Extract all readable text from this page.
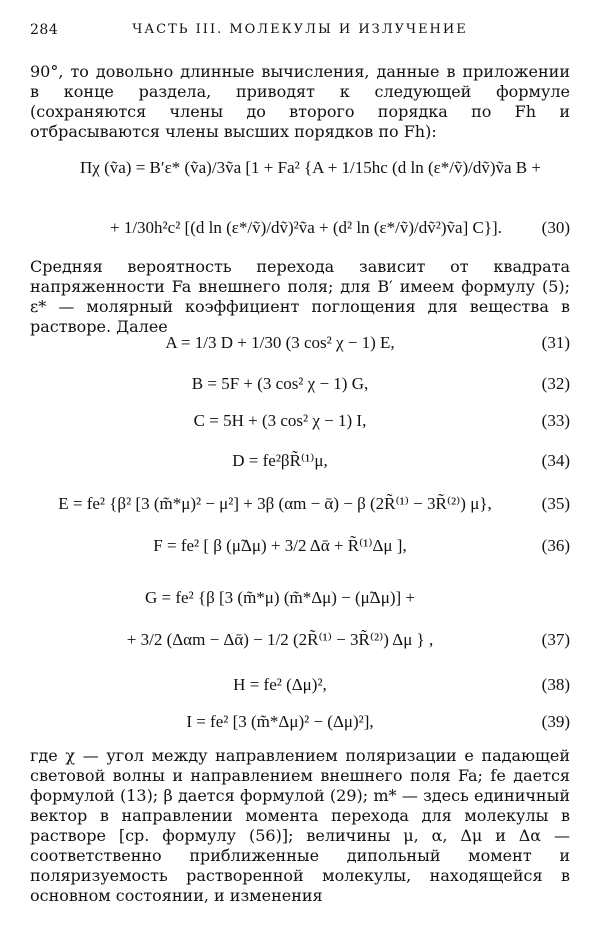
284	ЧАСТЬ III. МОЛЕКУЛЫ И ИЗЛУЧЕНИЕ
90°, то довольно длинные вычисления, данные в приложении в конце раздела, приводят к следующей формуле (сохраняются члены до второго порядка по Fh и отбрасываются члены высших порядков по Fh):
Πχ (ṽa) = B′ε* (ṽa)/3ṽa [1 + Fa² {A + 1/15hc (d ln (ε*/ṽ)/dṽ)ṽa B +
+ 1/30h²c² [(d ln (ε*/ṽ)/dṽ)²ṽa + (d² ln (ε*/ṽ)/dṽ²)ṽa] C}].	(30)
Средняя вероятность перехода зависит от квадрата напряженности Fa внешнего поля; для B′ имеем формулу (5); ε* — молярный коэффициент поглощения для вещества в растворе. Далее
A = 1/3 D + 1/30 (3 cos² χ − 1) E,	(31)
B = 5F + (3 cos² χ − 1) G,	(32)
C = 5H + (3 cos² χ − 1) I,	(33)
D = fe²βR̃⁽¹⁾μ,	(34)
E = fe² {β² [3 (m̃*μ)² − μ²] + 3β (αm − ᾱ) − β (2R̃⁽¹⁾ − 3R̃⁽²⁾) μ},	(35)
F = fe² [ β (μ̃Δμ) + 3/2 Δᾱ + R̃⁽¹⁾Δμ ],	(36)
G = fe² {β [3 (m̃*μ) (m̃*Δμ) − (μ̃Δμ)] +
+ 3/2 (Δαm − Δᾱ) − 1/2 (2R̃⁽¹⁾ − 3R̃⁽²⁾) Δμ } ,	(37)
H = fe² (Δμ)²,	(38)
I = fe² [3 (m̃*Δμ)² − (Δμ)²],	(39)
где χ — угол между направлением поляризации e падающей световой волны и направлением внешнего поля Fa; fe дается формулой (13); β дается формулой (29); m* — здесь единичный вектор в направлении момента перехода для молекулы в растворе [ср. формулу (56)]; величины μ, α, Δμ и Δα — соответственно приближенные дипольный момент и поляризуемость растворенной молекулы, находящейся в основном состоянии, и изменения
